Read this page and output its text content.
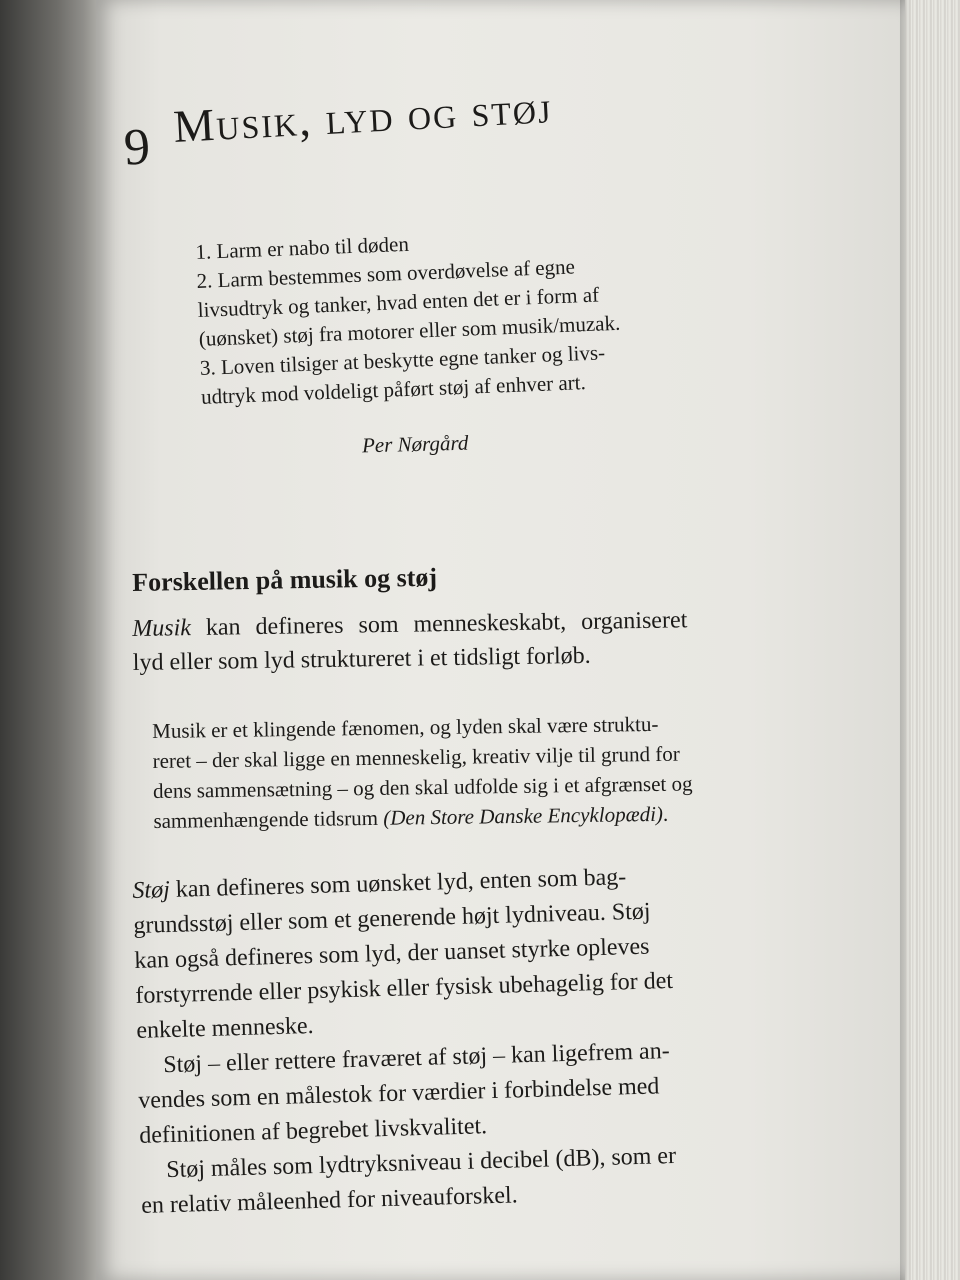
9 Musik, lyd og støj
1. Larm er nabo til døden
2. Larm bestemmes som overdøvelse af egne
livsudtryk og tanker, hvad enten det er i form af
(uønsket) støj fra motorer eller som musik/muzak.
3. Loven tilsiger at beskytte egne tanker og livs-
udtryk mod voldeligt påført støj af enhver art.
Per Nørgård
Forskellen på musik og støj
Musik kan defineres som menneskeskabt, organiseret
lyd eller som lyd struktureret i et tidsligt forløb.
Musik er et klingende fænomen, og lyden skal være struktu-
reret – der skal ligge en menneskelig, kreativ vilje til grund for
dens sammensætning – og den skal udfolde sig i et afgrænset og
sammenhængende tidsrum (Den Store Danske Encyklopædi).
Støj kan defineres som uønsket lyd, enten som bag-
grundsstøj eller som et generende højt lydniveau. Støj
kan også defineres som lyd, der uanset styrke opleves
forstyrrende eller psykisk eller fysisk ubehagelig for det
enkelte menneske.
Støj – eller rettere fraværet af støj – kan ligefrem an-
vendes som en målestok for værdier i forbindelse med
definitionen af begrebet livskvalitet.
Støj måles som lydtryksniveau i decibel (dB), som er
en relativ måleenhed for niveauforskel.
